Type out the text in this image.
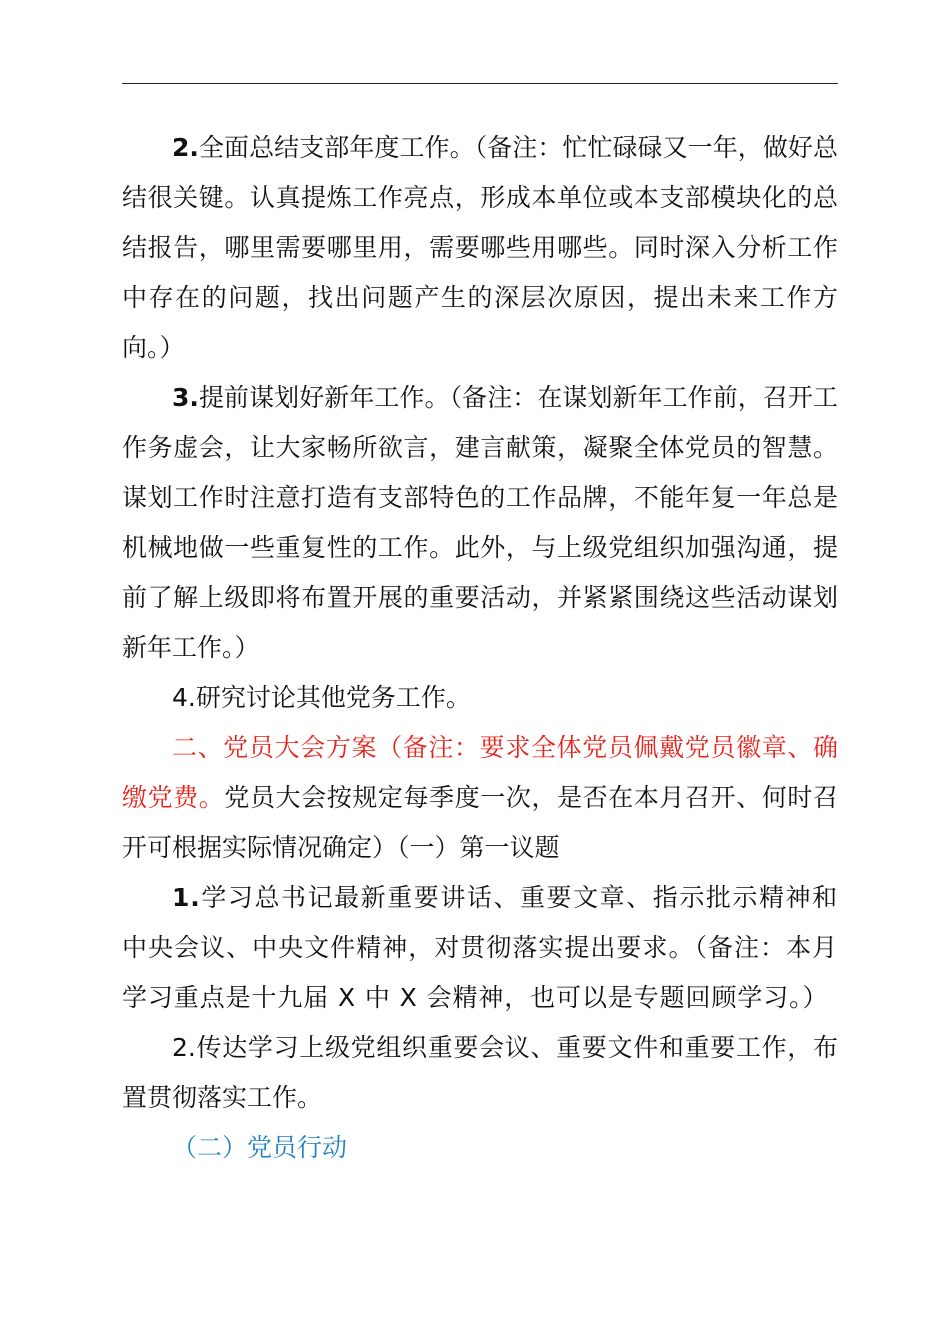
2.全面总结支部年度工作。（备注：忙忙碌碌又一年，做好总结很关键。认真提炼工作亮点，形成本单位或本支部模块化的总结报告，哪里需要哪里用，需要哪些用哪些。同时深入分析工作中存在的问题，找出问题产生的深层次原因，提出未来工作方向。）

3.提前谋划好新年工作。（备注：在谋划新年工作前，召开工作务虚会，让大家畅所欲言，建言献策，凝聚全体党员的智慧。谋划工作时注意打造有支部特色的工作品牌，不能年复一年总是机械地做一些重复性的工作。此外，与上级党组织加强沟通，提前了解上级即将布置开展的重要活动，并紧紧围绕这些活动谋划新年工作。）

4.研究讨论其他党务工作。

二、党员大会方案（备注：要求全体党员佩戴党员徽章、确缴党费。党员大会按规定每季度一次，是否在本月召开、何时召开可根据实际情况确定）（一）第一议题

1.学习总书记最新重要讲话、重要文章、指示批示精神和中央会议、中央文件精神，对贯彻落实提出要求。（备注：本月学习重点是十九届 X 中 X 会精神，也可以是专题回顾学习。）

2.传达学习上级党组织重要会议、重要文件和重要工作，布置贯彻落实工作。

（二）党员行动
